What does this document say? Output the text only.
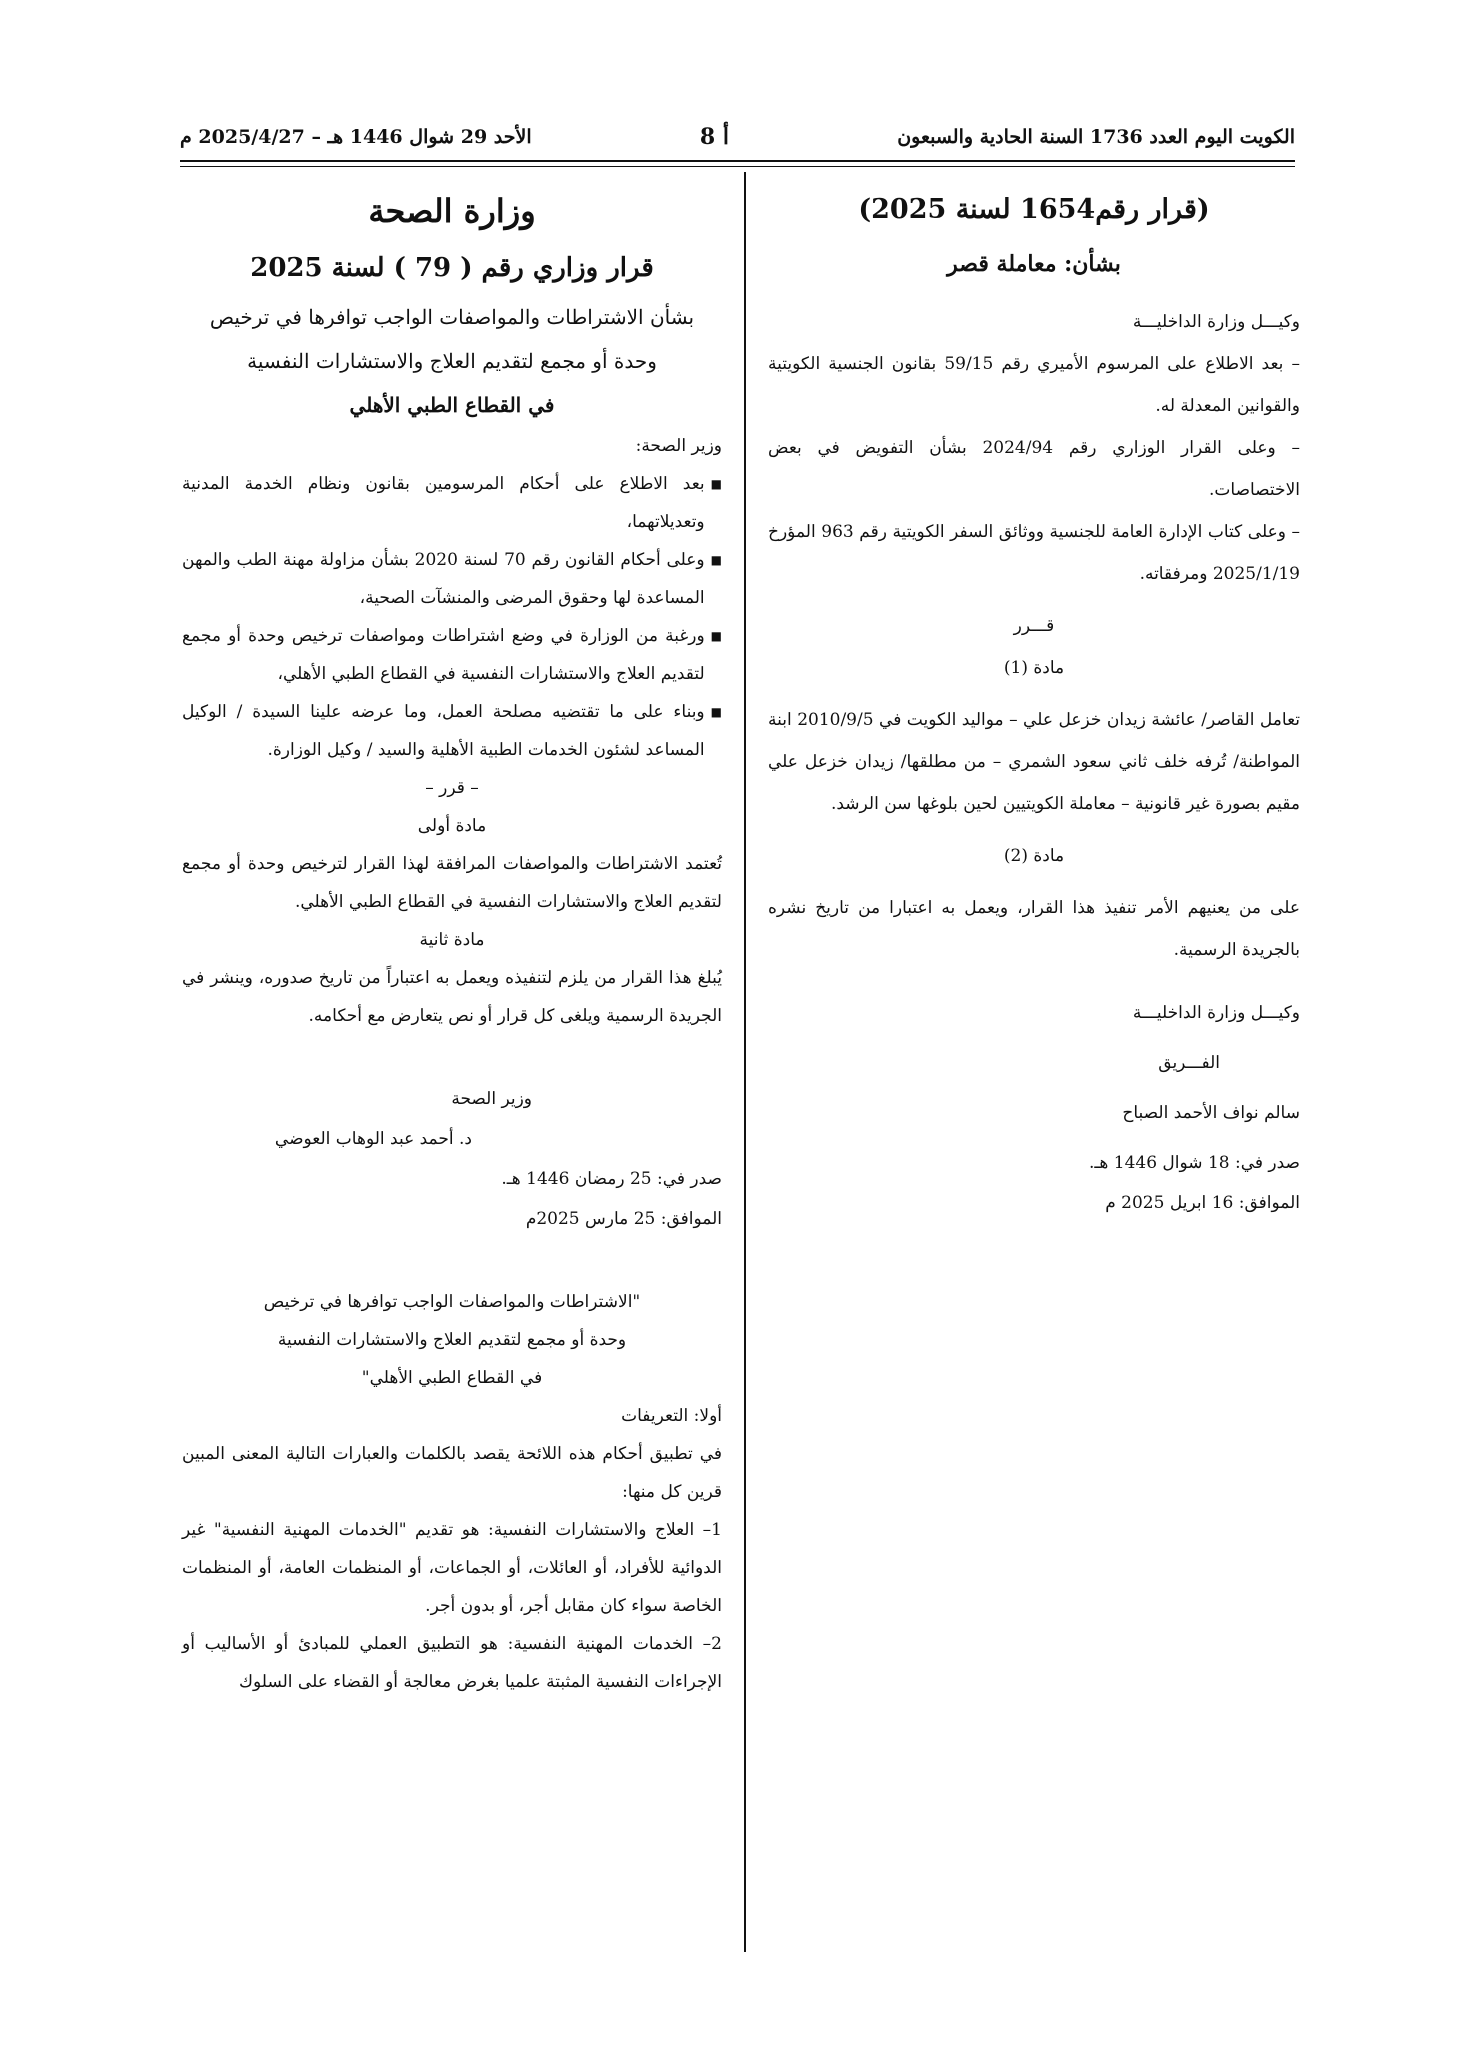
الكويت اليوم العدد 1736 السنة الحادية والسبعون
أ 8
الأحد 29 شوال 1446 هـ – 2025/4/27 م

(قرار رقم1654 لسنة 2025)

بشأن: معاملة قصر

وكيـــل وزارة الداخليـــة

– بعد الاطلاع على المرسوم الأميري رقم 59/15 بقانون الجنسية الكويتية والقوانين المعدلة له.

– وعلى القرار الوزاري رقم 2024/94 بشأن التفويض في بعض الاختصاصات.

– وعلى كتاب الإدارة العامة للجنسية ووثائق السفر الكويتية رقم 963 المؤرخ 2025/1/19 ومرفقاته.

قـــرر

مادة (1)

تعامل القاصر/ عائشة زيدان خزعل علي – مواليد الكويت في 2010/9/5 ابنة المواطنة/ تُرفه خلف ثاني سعود الشمري – من مطلقها/ زيدان خزعل علي مقيم بصورة غير قانونية – معاملة الكويتيين لحين بلوغها سن الرشد.

مادة (2)

على من يعنيهم الأمر تنفيذ هذا القرار، ويعمل به اعتبارا من تاريخ نشره بالجريدة الرسمية.

وكيـــل وزارة الداخليـــة

الفـــريق

سالم نواف الأحمد الصباح

صدر في: 18 شوال 1446 هـ.

الموافق: 16 ابريل 2025 م

وزارة الصحة

قرار وزاري رقم ( 79 ) لسنة 2025

بشأن الاشتراطات والمواصفات الواجب توافرها في ترخيص

وحدة أو مجمع لتقديم العلاج والاستشارات النفسية

في القطاع الطبي الأهلي

وزير الصحة:

■

بعد الاطلاع على أحكام المرسومين بقانون ونظام الخدمة المدنية وتعديلاتهما،

■

وعلى أحكام القانون رقم 70 لسنة 2020 بشأن مزاولة مهنة الطب والمهن المساعدة لها وحقوق المرضى والمنشآت الصحية،

■

ورغبة من الوزارة في وضع اشتراطات ومواصفات ترخيص وحدة أو مجمع لتقديم العلاج والاستشارات النفسية في القطاع الطبي الأهلي،

■

وبناء على ما تقتضيه مصلحة العمل، وما عرضه علينا السيدة / الوكيل المساعد لشئون الخدمات الطبية الأهلية والسيد / وكيل الوزارة.

– قرر –

مادة أولى

تُعتمد الاشتراطات والمواصفات المرافقة لهذا القرار لترخيص وحدة أو مجمع لتقديم العلاج والاستشارات النفسية في القطاع الطبي الأهلي.

مادة ثانية

يُبلغ هذا القرار من يلزم لتنفيذه ويعمل به اعتباراً من تاريخ صدوره، وينشر في الجريدة الرسمية ويلغى كل قرار أو نص يتعارض مع أحكامه.

وزير الصحة

د. أحمد عبد الوهاب العوضي

صدر في: 25 رمضان 1446 هـ.

الموافق: 25 مارس 2025م

"الاشتراطات والمواصفات الواجب توافرها في ترخيص

وحدة أو مجمع لتقديم العلاج والاستشارات النفسية

في القطاع الطبي الأهلي"

أولا: التعريفات

في تطبيق أحكام هذه اللائحة يقصد بالكلمات والعبارات التالية المعنى المبين قرين كل منها:

1– العلاج والاستشارات النفسية: هو تقديم "الخدمات المهنية النفسية" غير الدوائية للأفراد، أو العائلات، أو الجماعات، أو المنظمات العامة، أو المنظمات الخاصة سواء كان مقابل أجر، أو بدون أجر.

2– الخدمات المهنية النفسية: هو التطبيق العملي للمبادئ أو الأساليب أو الإجراءات النفسية المثبتة علميا بغرض معالجة أو القضاء على السلوك
